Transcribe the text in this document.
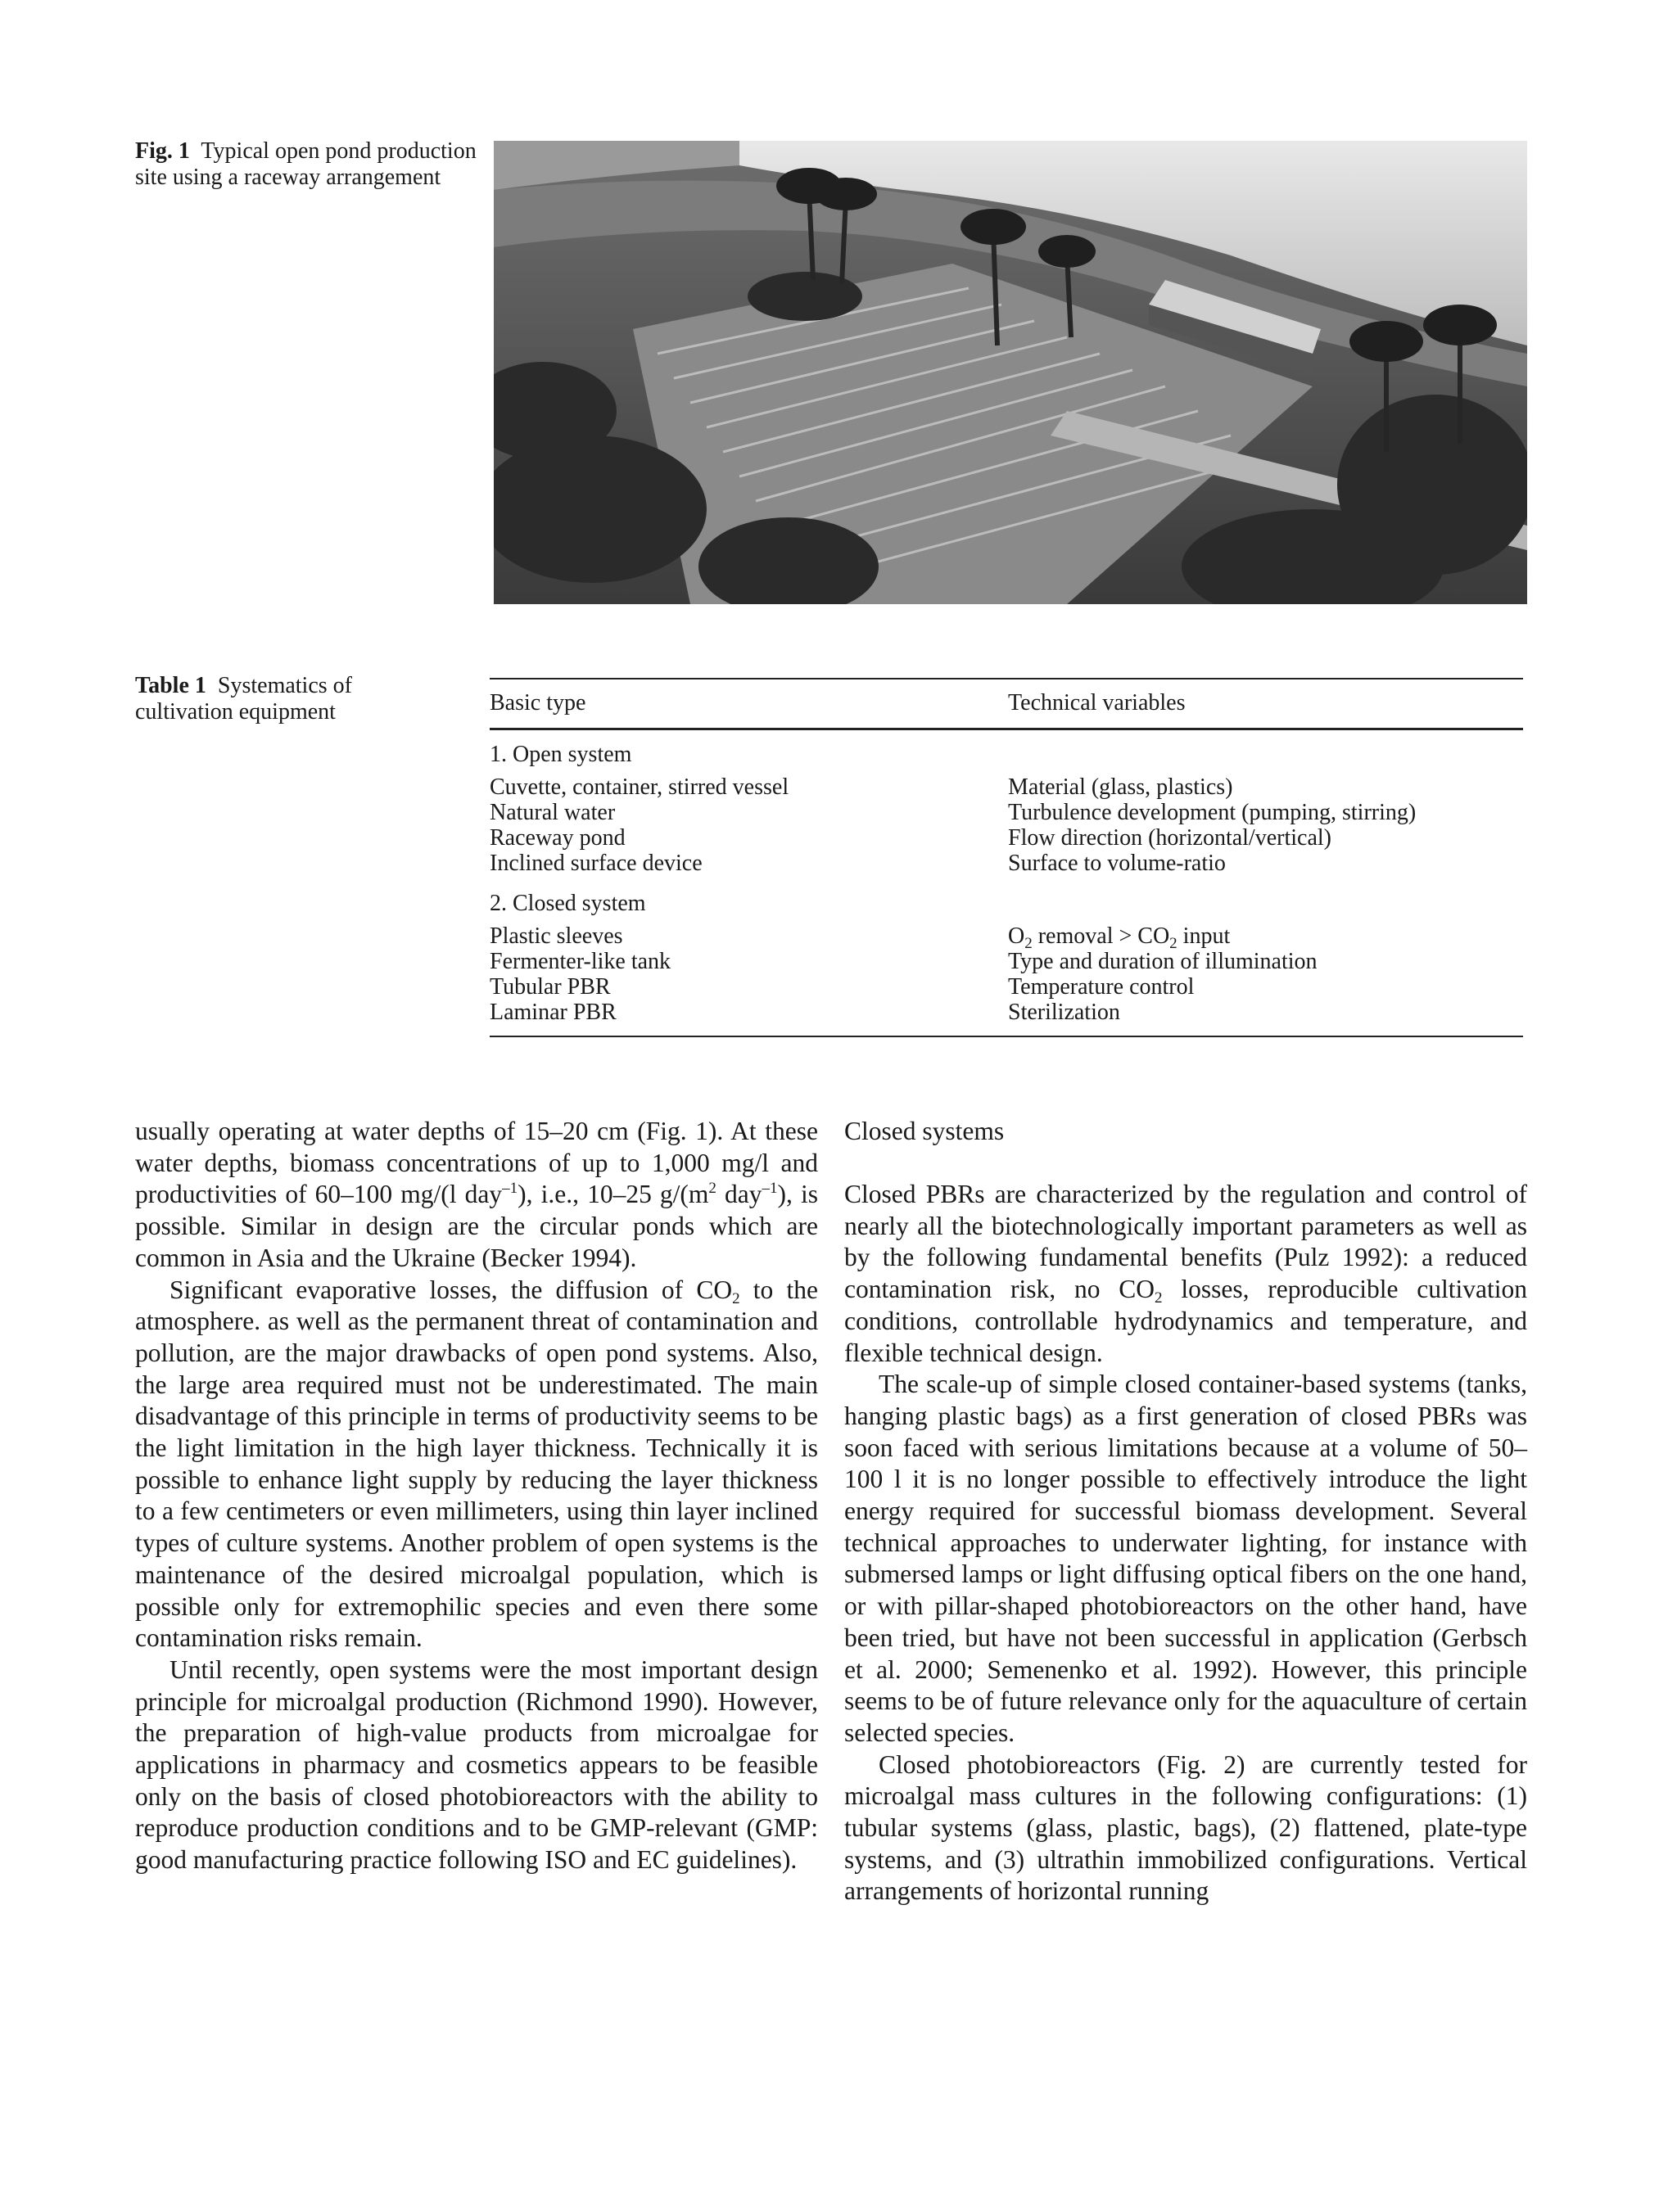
Fig. 1 Typical open pond production site using a raceway arrangement
Table 1 Systematics of cultivation equipment	Basic type	Technical variables
1. Open system
Cuvette, container, stirred vessel	Material (glass, plastics)
Natural water	Turbulence development (pumping, stirring)
Raceway pond	Flow direction (horizontal/vertical)
Inclined surface device	Surface to volume-ratio
2. Closed system
Plastic sleeves	$O_2$ removal > $CO_2$ input
Fermenter-like tank	Type and duration of illumination
Tubular PBR	Temperature control
Laminar PBR	Sterilization

usually operating at water depths of 15–20 cm (Fig. 1). At these water depths, biomass concentrations of up to 1,000 mg/l and productivities of 60–100 mg/(l day$^{-1}$), i.e., 10–25 $g/(m^2$ day$^{-1}$), is possible. Similar in design are the circular ponds which are common in Asia and the Ukraine (Becker 1994).

Significant evaporative losses, the diffusion of $CO_2$ to the atmosphere. as well as the permanent threat of contamination and pollution, are the major drawbacks of open pond systems. Also, the large area required must not be underestimated. The main disadvantage of this principle in terms of productivity seems to be the light limitation in the high layer thickness. Technically it is possible to enhance light supply by reducing the layer thickness to a few centimeters or even millimeters, using thin layer inclined types of culture systems. Another problem of open systems is the maintenance of the desired microalgal population, which is possible only for extremophilic species and even there some contamination risks remain.

Until recently, open systems were the most important design principle for microalgal production (Richmond 1990). However, the preparation of high-value products from microalgae for applications in pharmacy and cosmetics appears to be feasible only on the basis of closed photobioreactors with the ability to reproduce production conditions and to be GMP-relevant (GMP: good manufacturing practice following ISO and EC guidelines).

Closed systems

Closed PBRs are characterized by the regulation and control of nearly all the biotechnologically important parameters as well as by the following fundamental benefits (Pulz 1992): a reduced contamination risk, no $CO_2$ losses, reproducible cultivation conditions, controllable hydrodynamics and temperature, and flexible technical design.

The scale-up of simple closed container-based systems (tanks, hanging plastic bags) as a first generation of closed PBRs was soon faced with serious limitations because at a volume of 50–100 l it is no longer possible to effectively introduce the light energy required for successful biomass development. Several technical approaches to underwater lighting, for instance with submersed lamps or light diffusing optical fibers on the one hand, or with pillar-shaped photobioreactors on the other hand, have been tried, but have not been successful in application (Gerbsch et al. 2000; Semenenko et al. 1992). However, this principle seems to be of future relevance only for the aquaculture of certain selected species.

Closed photobioreactors (Fig. 2) are currently tested for microalgal mass cultures in the following configurations: (1) tubular systems (glass, plastic, bags), (2) flattened, plate-type systems, and (3) ultrathin immobilized configurations. Vertical arrangements of horizontal running
